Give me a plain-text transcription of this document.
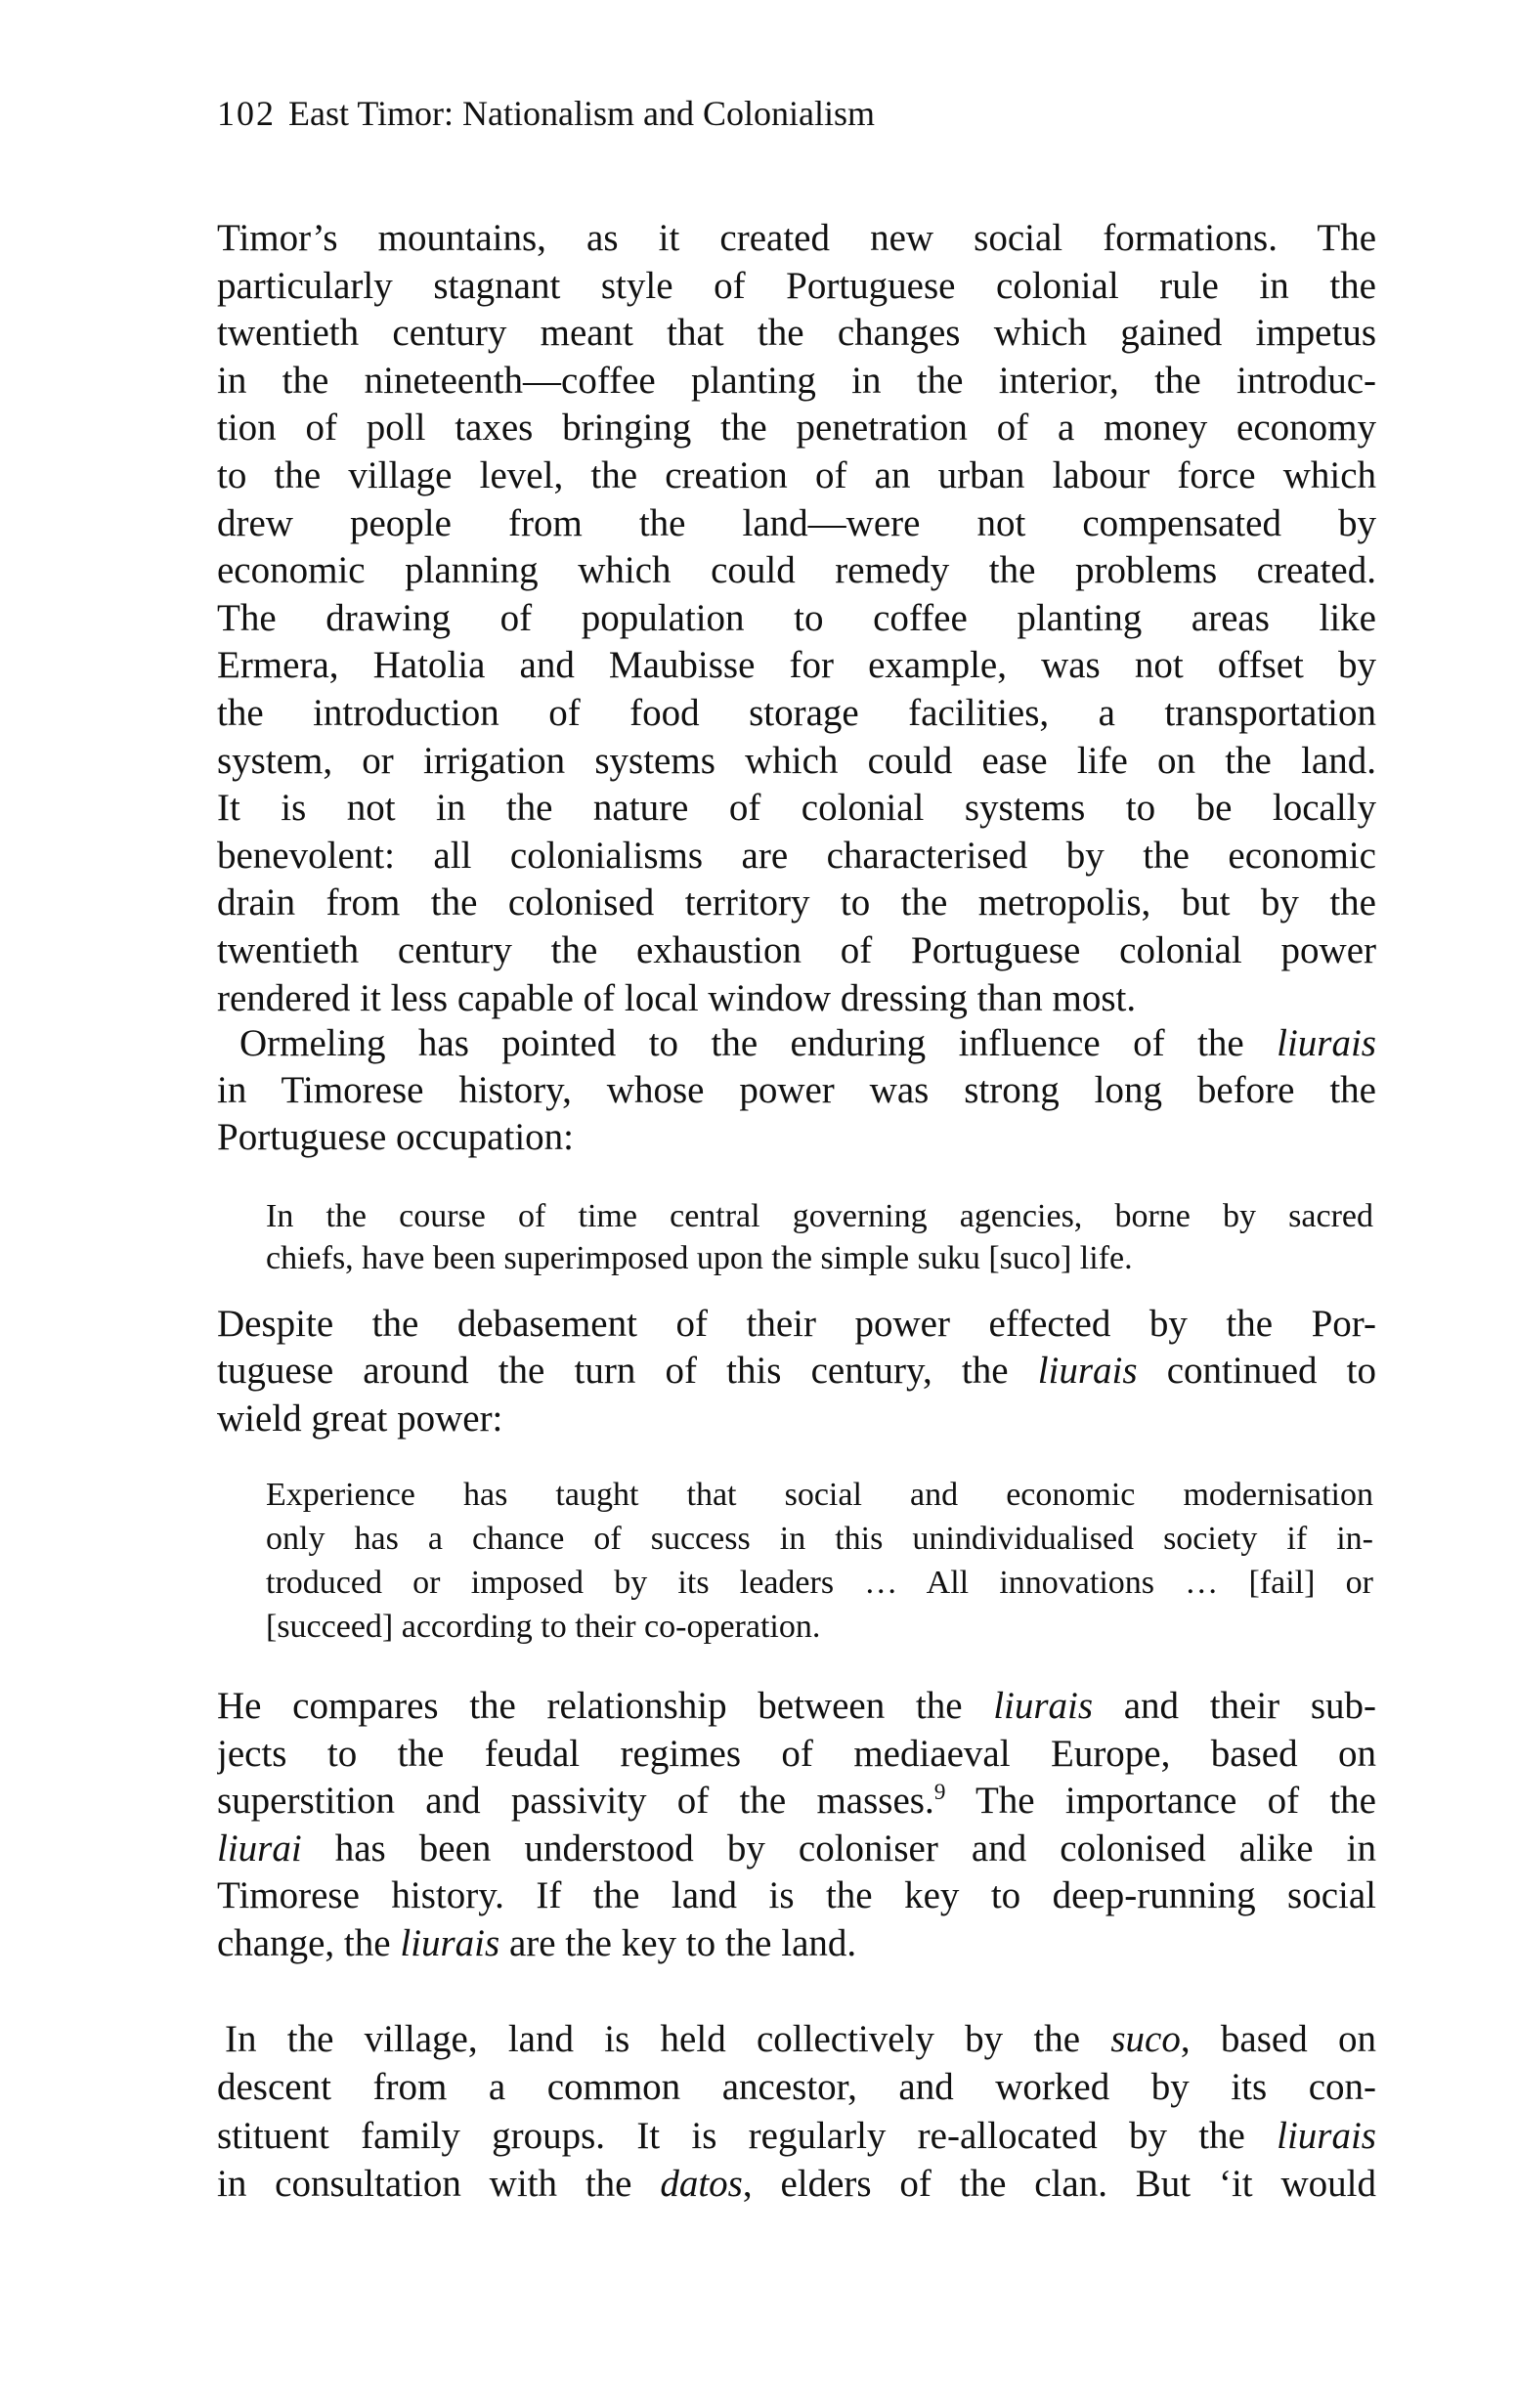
102 East Timor: Nationalism and Colonialism
Timor’s mountains, as it created new social formations. The
particularly stagnant style of Portuguese colonial rule in the
twentieth century meant that the changes which gained impetus
in the nineteenth—coffee planting in the interior, the introduc-
tion of poll taxes bringing the penetration of a money economy
to the village level, the creation of an urban labour force which
drew people from the land—were not compensated by
economic planning which could remedy the problems created.
The drawing of population to coffee planting areas like
Ermera, Hatolia and Maubisse for example, was not offset by
the introduction of food storage facilities, a transportation
system, or irrigation systems which could ease life on the land.
It is not in the nature of colonial systems to be locally
benevolent: all colonialisms are characterised by the economic
drain from the colonised territory to the metropolis, but by the
twentieth century the exhaustion of Portuguese colonial power
rendered it less capable of local window dressing than most.
Ormeling has pointed to the enduring influence of the liurais
in Timorese history, whose power was strong long before the
Portuguese occupation:
In the course of time central governing agencies, borne by sacred
chiefs, have been superimposed upon the simple suku [suco] life.
Despite the debasement of their power effected by the Por-
tuguese around the turn of this century, the liurais continued to
wield great power:
Experience has taught that social and economic modernisation
only has a chance of success in this unindividualised society if in-
troduced or imposed by its leaders … All innovations … [fail] or
[succeed] according to their co-operation.
He compares the relationship between the liurais and their sub-
jects to the feudal regimes of mediaeval Europe, based on
superstition and passivity of the masses.$^9$ The importance of the
liurai has been understood by coloniser and colonised alike in
Timorese history. If the land is the key to deep-running social
change, the liurais are the key to the land.
In the village, land is held collectively by the suco, based on
descent from a common ancestor, and worked by its con-
stituent family groups. It is regularly re-allocated by the liurais
in consultation with the datos, elders of the clan. But ‘it would
